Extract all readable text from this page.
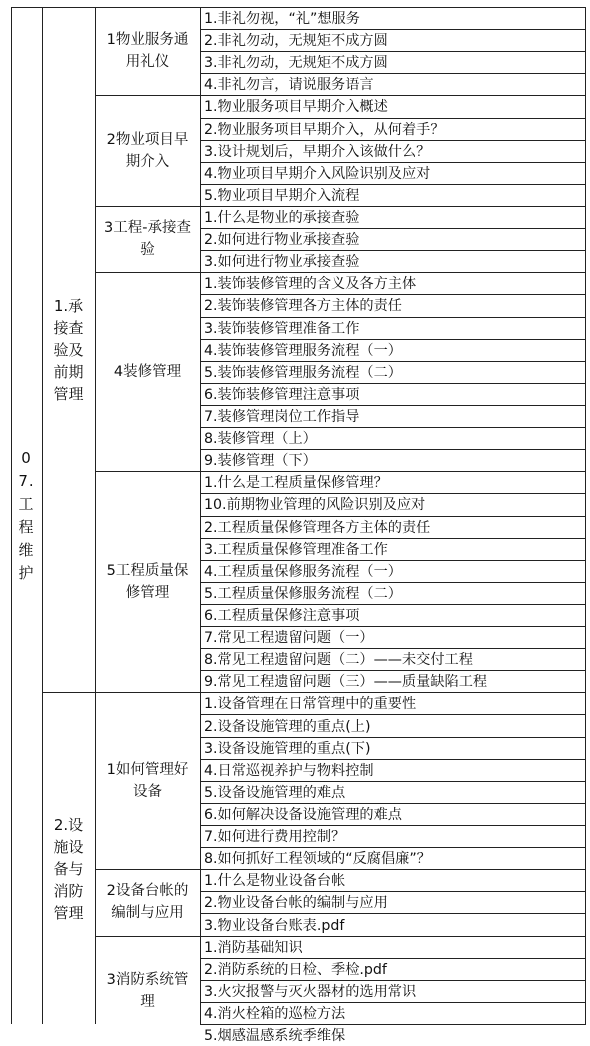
07.工程维护
1.承接查验及前期管理
1物业服务通用礼仪
1.非礼勿视，“礼”想服务
2.非礼勿动，无规矩不成方圆
3.非礼勿动，无规矩不成方圆
4.非礼勿言，请说服务语言
2物业项目早期介入
1.物业服务项目早期介入概述
2.物业服务项目早期介入，从何着手？
3.设计规划后，早期介入该做什么？
4.物业项目早期介入风险识别及应对
5.物业项目早期介入流程
3工程-承接查验
1.什么是物业的承接查验
2.如何进行物业承接查验
3.如何进行物业承接查验
4装修管理
1.装饰装修管理的含义及各方主体
2.装饰装修管理各方主体的责任
3.装饰装修管理准备工作
4.装饰装修管理服务流程（一）
5.装饰装修管理服务流程（二）
6.装饰装修管理注意事项
7.装修管理岗位工作指导
8.装修管理（上）
9.装修管理（下）
5工程质量保修管理
1.什么是工程质量保修管理？
10.前期物业管理的风险识别及应对
2.工程质量保修管理各方主体的责任
3.工程质量保修管理准备工作
4.工程质量保修服务流程（一）
5.工程质量保修服务流程（二）
6.工程质量保修注意事项
7.常见工程遗留问题（一）
8.常见工程遗留问题（二）——未交付工程
9.常见工程遗留问题（三）——质量缺陷工程
2.设施设备与消防管理
1如何管理好设备
1.设备管理在日常管理中的重要性
2.设备设施管理的重点(上)
3.设备设施管理的重点(下)
4.日常巡视养护与物料控制
5.设备设施管理的难点
6.如何解决设备设施管理的难点
7.如何进行费用控制？
8.如何抓好工程领域的“反腐倡廉”？
2设备台帐的编制与应用
1.什么是物业设备台帐
2.物业设备台帐的编制与应用
3.物业设备台账表.pdf
3消防系统管理
1.消防基础知识
2.消防系统的日检、季检.pdf
3.火灾报警与灭火器材的选用常识
4.消火栓箱的巡检方法
5.烟感温感系统季维保
